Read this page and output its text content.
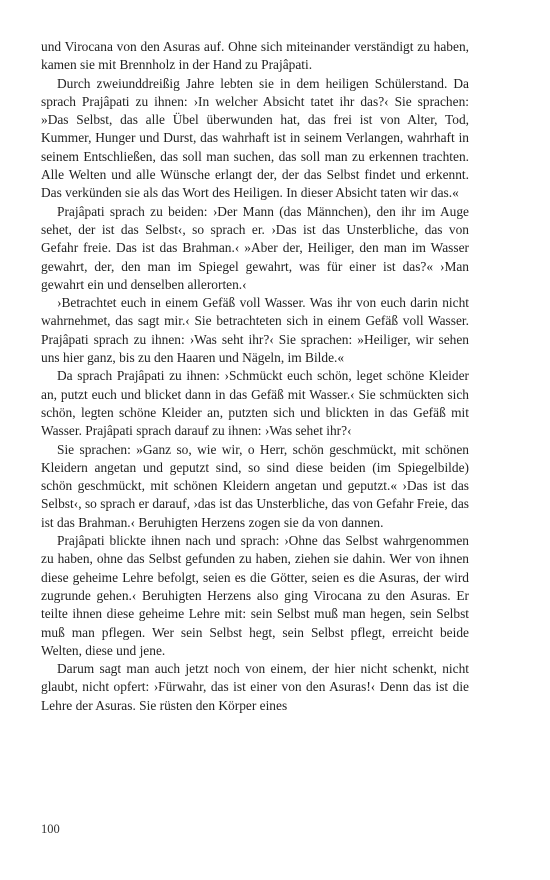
und Virocana von den Asuras auf. Ohne sich miteinander verständigt zu haben, kamen sie mit Brennholz in der Hand zu Prajâpati.

Durch zweiunddreißig Jahre lebten sie in dem heiligen Schülerstand. Da sprach Prajâpati zu ihnen: ›In welcher Absicht tatet ihr das?‹ Sie sprachen: »Das Selbst, das alle Übel überwunden hat, das frei ist von Alter, Tod, Kummer, Hunger und Durst, das wahrhaft ist in seinem Verlangen, wahrhaft in seinem Entschließen, das soll man suchen, das soll man zu erkennen trachten. Alle Welten und alle Wünsche erlangt der, der das Selbst findet und erkennt. Das verkünden sie als das Wort des Heiligen. In dieser Absicht taten wir das.«

Prajâpati sprach zu beiden: ›Der Mann (das Männchen), den ihr im Auge sehet, der ist das Selbst‹, so sprach er. ›Das ist das Unsterbliche, das von Gefahr freie. Das ist das Brahman.‹ »Aber der, Heiliger, den man im Wasser gewahrt, der, den man im Spiegel gewahrt, was für einer ist das?« ›Man gewahrt ein und denselben allerorten.‹

›Betrachtet euch in einem Gefäß voll Wasser. Was ihr von euch darin nicht wahrnehmet, das sagt mir.‹ Sie betrachteten sich in einem Gefäß voll Wasser. Prajâpati sprach zu ihnen: ›Was seht ihr?‹ Sie sprachen: »Heiliger, wir sehen uns hier ganz, bis zu den Haaren und Nägeln, im Bilde.«

Da sprach Prajâpati zu ihnen: ›Schmückt euch schön, leget schöne Kleider an, putzt euch und blicket dann in das Gefäß mit Wasser.‹ Sie schmückten sich schön, legten schöne Kleider an, putzten sich und blickten in das Gefäß mit Wasser. Prajâpati sprach darauf zu ihnen: ›Was sehet ihr?‹

Sie sprachen: »Ganz so, wie wir, o Herr, schön geschmückt, mit schönen Kleidern angetan und geputzt sind, so sind diese beiden (im Spiegelbilde) schön geschmückt, mit schönen Kleidern angetan und geputzt.« ›Das ist das Selbst‹, so sprach er darauf, ›das ist das Unsterbliche, das von Gefahr Freie, das ist das Brahman.‹ Beruhigten Herzens zogen sie da von dannen.

Prajâpati blickte ihnen nach und sprach: ›Ohne das Selbst wahrgenommen zu haben, ohne das Selbst gefunden zu haben, ziehen sie dahin. Wer von ihnen diese geheime Lehre befolgt, seien es die Götter, seien es die Asuras, der wird zugrunde gehen.‹ Beruhigten Herzens also ging Virocana zu den Asuras. Er teilte ihnen diese geheime Lehre mit: sein Selbst muß man hegen, sein Selbst muß man pflegen. Wer sein Selbst hegt, sein Selbst pflegt, erreicht beide Welten, diese und jene.

Darum sagt man auch jetzt noch von einem, der hier nicht schenkt, nicht glaubt, nicht opfert: ›Fürwahr, das ist einer von den Asuras!‹ Denn das ist die Lehre der Asuras. Sie rüsten den Körper eines

100
